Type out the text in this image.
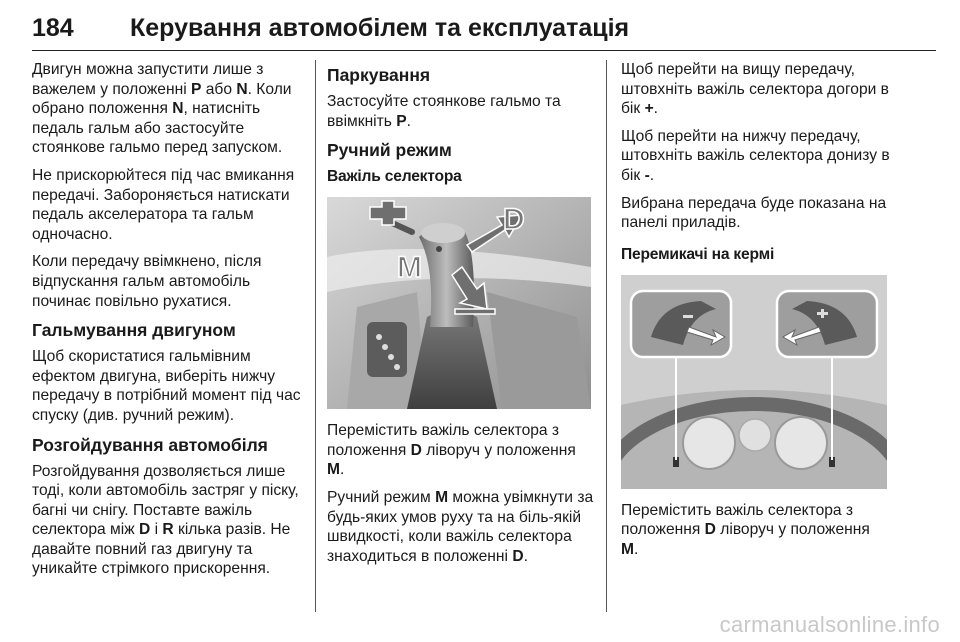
184 Керування автомобілем та експлуатація

Двигун можна запустити лише з важелем у положенні P або N. Коли обрано положення N, натисніть педаль гальм або застосуйте стоянкове гальмо перед запуском.

Не прискорюйтеся під час вмикання передачі. Забороняється натискати педаль акселератора та гальм одночасно.

Коли передачу ввімкнено, після відпускання гальм автомобіль починає повільно рухатися.

Гальмування двигуном

Щоб скористатися гальмівним ефектом двигуна, виберіть нижчу передачу в потрібний момент під час спуску (див. ручний режим).

Розгойдування автомобіля

Розгойдування дозволяється лише тоді, коли автомобіль застряг у піску, багні чи снігу. Поставте важіль селектора між D і R кілька разів. Не давайте повний газ двигуну та уникайте стрімкого прискорення.

Паркування

Застосуйте стоянкове гальмо та ввімкніть P.

Ручний режим
Важіль селектора
D
M

Перемістить важіль селектора з положення D ліворуч у положення M.

Ручний режим M можна увімкнути за будь-яких умов руху та на біль-якій швидкості, коли важіль селектора знаходиться в положенні D.

Щоб перейти на вищу передачу, штовхніть важіль селектора догори в бік +.

Щоб перейти на нижчу передачу, штовхніть важіль селектора донизу в бік -.

Вибрана передача буде показана на панелі приладів.

Перемикачі на кермі

Перемістить важіль селектора з положення D ліворуч у положення M.

carmanualsonline.info
